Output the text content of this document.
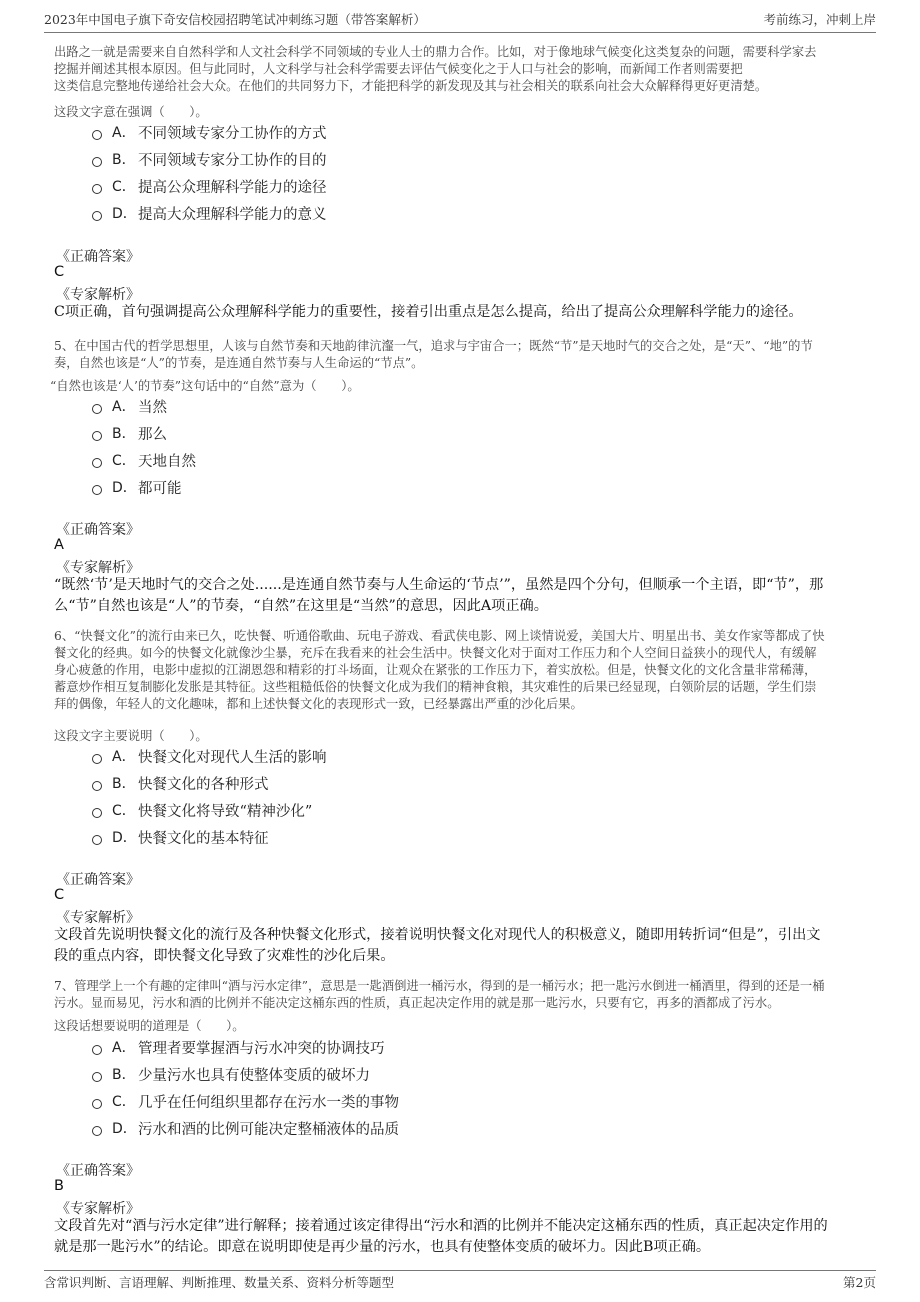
2023年中国电子旗下奇安信校园招聘笔试冲刺练习题（带答案解析）	考前练习，冲刺上岸
出路之一就是需要来自自然科学和人文社会科学不同领域的专业人士的鼎力合作。比如，对于像地球气候变化这类复杂的问题，需要科学家去
挖掘并阐述其根本原因。但与此同时，人文科学与社会科学需要去评估气候变化之于人口与社会的影响，而新闻工作者则需要把
这类信息完整地传递给社会大众。在他们的共同努力下，才能把科学的新发现及其与社会相关的联系向社会大众解释得更好更清楚。
这段文字意在强调（　　）。
A． 不同领域专家分工协作的方式
B． 不同领域专家分工协作的目的
C． 提高公众理解科学能力的途径
D． 提高大众理解科学能力的意义
《正确答案》
C
《专家解析》
C项正确，首句强调提高公众理解科学能力的重要性，接着引出重点是怎么提高，给出了提高公众理解科学能力的途径。
5、在中国古代的哲学思想里，人该与自然节奏和天地韵律沆瀣一气，追求与宇宙合一；既然“节”是天地时气的交合之处，是“天”、“地”的节
奏，自然也该是“人”的节奏，是连通自然节奏与人生命运的“节点”。
“自然也该是‘人’的节奏”这句话中的“自然”意为（　　）。
A． 当然
B． 那么
C． 天地自然
D． 都可能
《正确答案》
A
《专家解析》
“既然‘节’是天地时气的交合之处......是连通自然节奏与人生命运的‘节点’”，虽然是四个分句，但顺承一个主语，即“节”，那
么“节”自然也该是“人”的节奏，“自然”在这里是“当然”的意思，因此A项正确。
6、“快餐文化”的流行由来已久，吃快餐、听通俗歌曲、玩电子游戏、看武侠电影、网上谈情说爱，美国大片、明星出书、美女作家等都成了快
餐文化的经典。如今的快餐文化就像沙尘暴，充斥在我看来的社会生活中。快餐文化对于面对工作压力和个人空间日益狭小的现代人，有缓解
身心疲惫的作用，电影中虚拟的江湖恩怨和精彩的打斗场面，让观众在紧张的工作压力下，着实放松。但是，快餐文化的文化含量非常稀薄，
蓄意炒作相互复制膨化发胀是其特征。这些粗糙低俗的快餐文化成为我们的精神食粮，其灾难性的后果已经显现，白领阶层的话题，学生们崇
拜的偶像，年轻人的文化趣味，都和上述快餐文化的表现形式一致，已经暴露出严重的沙化后果。
这段文字主要说明（　　）。
A． 快餐文化对现代人生活的影响
B． 快餐文化的各种形式
C． 快餐文化将导致“精神沙化”
D． 快餐文化的基本特征
《正确答案》
C
《专家解析》
文段首先说明快餐文化的流行及各种快餐文化形式，接着说明快餐文化对现代人的积极意义，随即用转折词“但是”，引出文
段的重点内容，即快餐文化导致了灾难性的沙化后果。
7、管理学上一个有趣的定律叫“酒与污水定律”，意思是一匙酒倒进一桶污水，得到的是一桶污水；把一匙污水倒进一桶酒里，得到的还是一桶
污水。显而易见，污水和酒的比例并不能决定这桶东西的性质，真正起决定作用的就是那一匙污水，只要有它，再多的酒都成了污水。
这段话想要说明的道理是（　　）。
A． 管理者要掌握酒与污水冲突的协调技巧
B． 少量污水也具有使整体变质的破坏力
C． 几乎在任何组织里都存在污水一类的事物
D． 污水和酒的比例可能决定整桶液体的品质
《正确答案》
B
《专家解析》
文段首先对“酒与污水定律”进行解释；接着通过该定律得出“污水和酒的比例并不能决定这桶东西的性质，真正起决定作用的
就是那一匙污水”的结论。即意在说明即使是再少量的污水，也具有使整体变质的破坏力。因此B项正确。
含常识判断、言语理解、判断推理、数量关系、资料分析等题型	第2页
